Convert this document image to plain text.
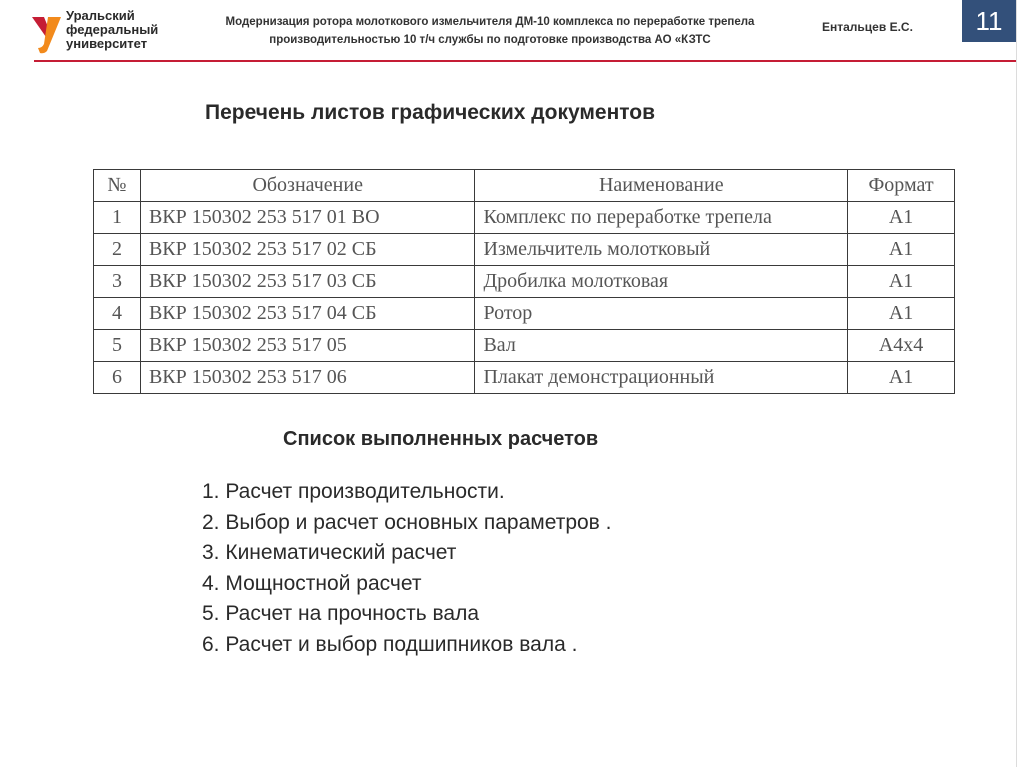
Уральский
федеральный
университет
Модернизация ротора молоткового измельчителя ДМ-10 комплекса по переработке трепела
производительностью 10 т/ч службы по подготовке производства АО «КЗТС
Ентальцев Е.С.	11
Перечень листов графических документов
№	Обозначение	Наименование	Формат
1	ВКР 150302 253 517 01 ВО	Комплекс по переработке трепела	А1
2	ВКР 150302 253 517 02 СБ	Измельчитель молотковый	А1
3	ВКР 150302 253 517 03 СБ	Дробилка молотковая	А1
4	ВКР 150302 253 517 04 СБ	Ротор	А1
5	ВКР 150302 253 517 05	Вал	А4х4
6	ВКР 150302 253 517 06	Плакат демонстрационный	А1
Список выполненных расчетов
1. Расчет производительности.
2. Выбор и расчет основных параметров .
3. Кинематический расчет
4. Мощностной расчет
5. Расчет на прочность вала
6. Расчет и выбор подшипников вала .
